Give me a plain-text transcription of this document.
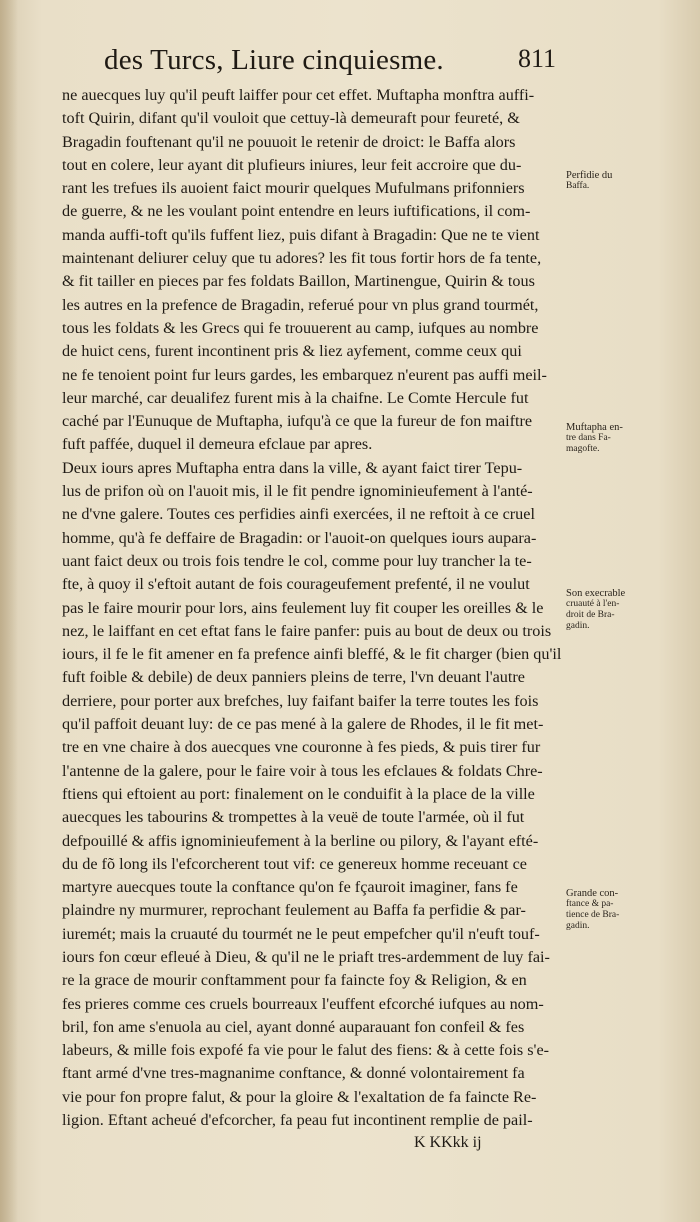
des Turcs, Liure cinquiesme.	811
ne auecques luy qu'il peuft laiffer pour cet effet. Muftapha monftra auffi-
toft Quirin, difant qu'il vouloit que cettuy-là demeuraft pour feureté, &
Bragadin fouftenant qu'il ne pouuoit le retenir de droict: le Baffa alors
tout en colere, leur ayant dit plufieurs iniures, leur feit accroire que du-
rant les trefues ils auoient faict mourir quelques Mufulmans prifonniers
de guerre, & ne les voulant point entendre en leurs iuftifications, il com-
manda auffi-toft qu'ils fuffent liez, puis difant à Bragadin: Que ne te vient
maintenant deliurer celuy que tu adores? les fit tous fortir hors de fa tente,
& fit tailler en pieces par fes foldats Baillon, Martinengue, Quirin & tous
les autres en la prefence de Bragadin, referué pour vn plus grand tourmét,
tous les foldats & les Grecs qui fe trouuerent au camp, iufques au nombre
de huict cens, furent incontinent pris & liez ayfement, comme ceux qui
ne fe tenoient point fur leurs gardes, les embarquez n'eurent pas auffi meil-
leur marché, car deualifez furent mis à la chaifne. Le Comte Hercule fut
caché par l'Eunuque de Muftapha, iufqu'à ce que la fureur de fon maiftre
fuft paffée, duquel il demeura efclaue par apres.
Deux iours apres Muftapha entra dans la ville, & ayant faict tirer Tepu-
lus de prifon où on l'auoit mis, il le fit pendre ignominieufement à l'anté-
ne d'vne galere. Toutes ces perfidies ainfi exercées, il ne reftoit à ce cruel
homme, qu'à fe deffaire de Bragadin: or l'auoit-on quelques iours aupara-
uant faict deux ou trois fois tendre le col, comme pour luy trancher la te-
fte, à quoy il s'eftoit autant de fois courageufement prefenté, il ne voulut
pas le faire mourir pour lors, ains feulement luy fit couper les oreilles & le
nez, le laiffant en cet eftat fans le faire panfer: puis au bout de deux ou trois
iours, il fe le fit amener en fa prefence ainfi bleffé, & le fit charger (bien qu'il
fuft foible & debile) de deux panniers pleins de terre, l'vn deuant l'autre
derriere, pour porter aux brefches, luy faifant baifer la terre toutes les fois
qu'il paffoit deuant luy: de ce pas mené à la galere de Rhodes, il le fit met-
tre en vne chaire à dos auecques vne couronne à fes pieds, & puis tirer fur
l'antenne de la galere, pour le faire voir à tous les efclaues & foldats Chre-
ftiens qui eftoient au port: finalement on le conduifit à la place de la ville
auecques les tabourins & trompettes à la veuë de toute l'armée, où il fut
defpouillé & affis ignominieufement à la berline ou pilory, & l'ayant efté-
du de fõ long ils l'efcorcherent tout vif: ce genereux homme receuant ce
martyre auecques toute la conftance qu'on fe fçauroit imaginer, fans fe
plaindre ny murmurer, reprochant feulement au Baffa fa perfidie & par-
iuremét; mais la cruauté du tourmét ne le peut empefcher qu'il n'euft touf-
iours fon cœur efleué à Dieu, & qu'il ne le priaft tres-ardemment de luy fai-
re la grace de mourir conftamment pour fa faincte foy & Religion, & en
fes prieres comme ces cruels bourreaux l'euffent efcorché iufques au nom-
bril, fon ame s'enuola au ciel, ayant donné auparauant fon confeil & fes
labeurs, & mille fois expofé fa vie pour le falut des fiens: & à cette fois s'e-
ftant armé d'vne tres-magnanime conftance, & donné volontairement fa
vie pour fon propre falut, & pour la gloire & l'exaltation de fa faincte Re-
ligion. Eftant acheué d'efcorcher, fa peau fut incontinent remplie de pail-
K KKkk ij
Perfidie du
Baffa.
Muftapha en-
tre dans Fa-
magofte.
Son execrable
cruauté à l'en-
droit de Bra-
gadin.
Grande con-
ftance & pa-
tience de Bra-
gadin.
